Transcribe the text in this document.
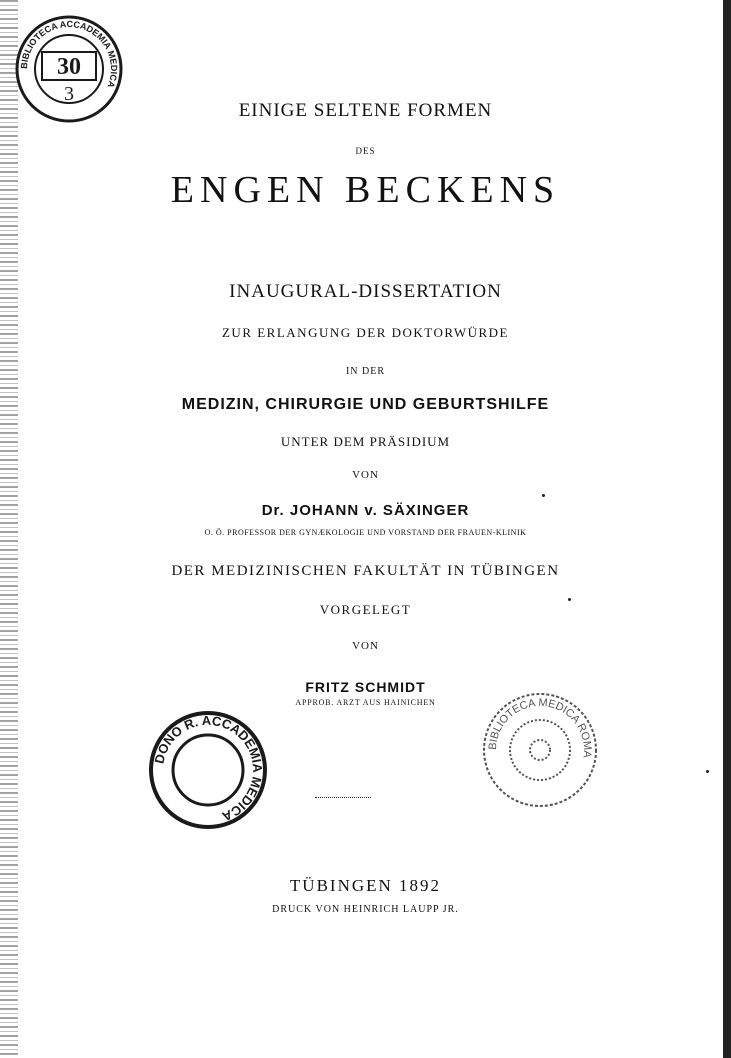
EINIGE SELTENE FORMEN
DES
ENGEN BECKENS
INAUGURAL-DISSERTATION
ZUR ERLANGUNG DER DOKTORWÜRDE
IN DER
MEDIZIN, CHIRURGIE UND GEBURTSHILFE
UNTER DEM PRÄSIDIUM
VON
Dr. JOHANN v. SÄXINGER
O. Ö. PROFESSOR DER GYNÆKOLOGIE UND VORSTAND DER FRAUEN-KLINIK
DER MEDIZINISCHEN FAKULTÄT IN TÜBINGEN
VORGELEGT
VON
FRITZ SCHMIDT
APPROB. ARZT AUS HAINICHEN
TÜBINGEN 1892
DRUCK VON HEINRICH LAUPP JR.
BIBLIOTECA ACCADEMIA MEDICA
30
3
DONO R. ACCADEMIA MEDICA
BIBLIOTECA MEDICA ROMA
